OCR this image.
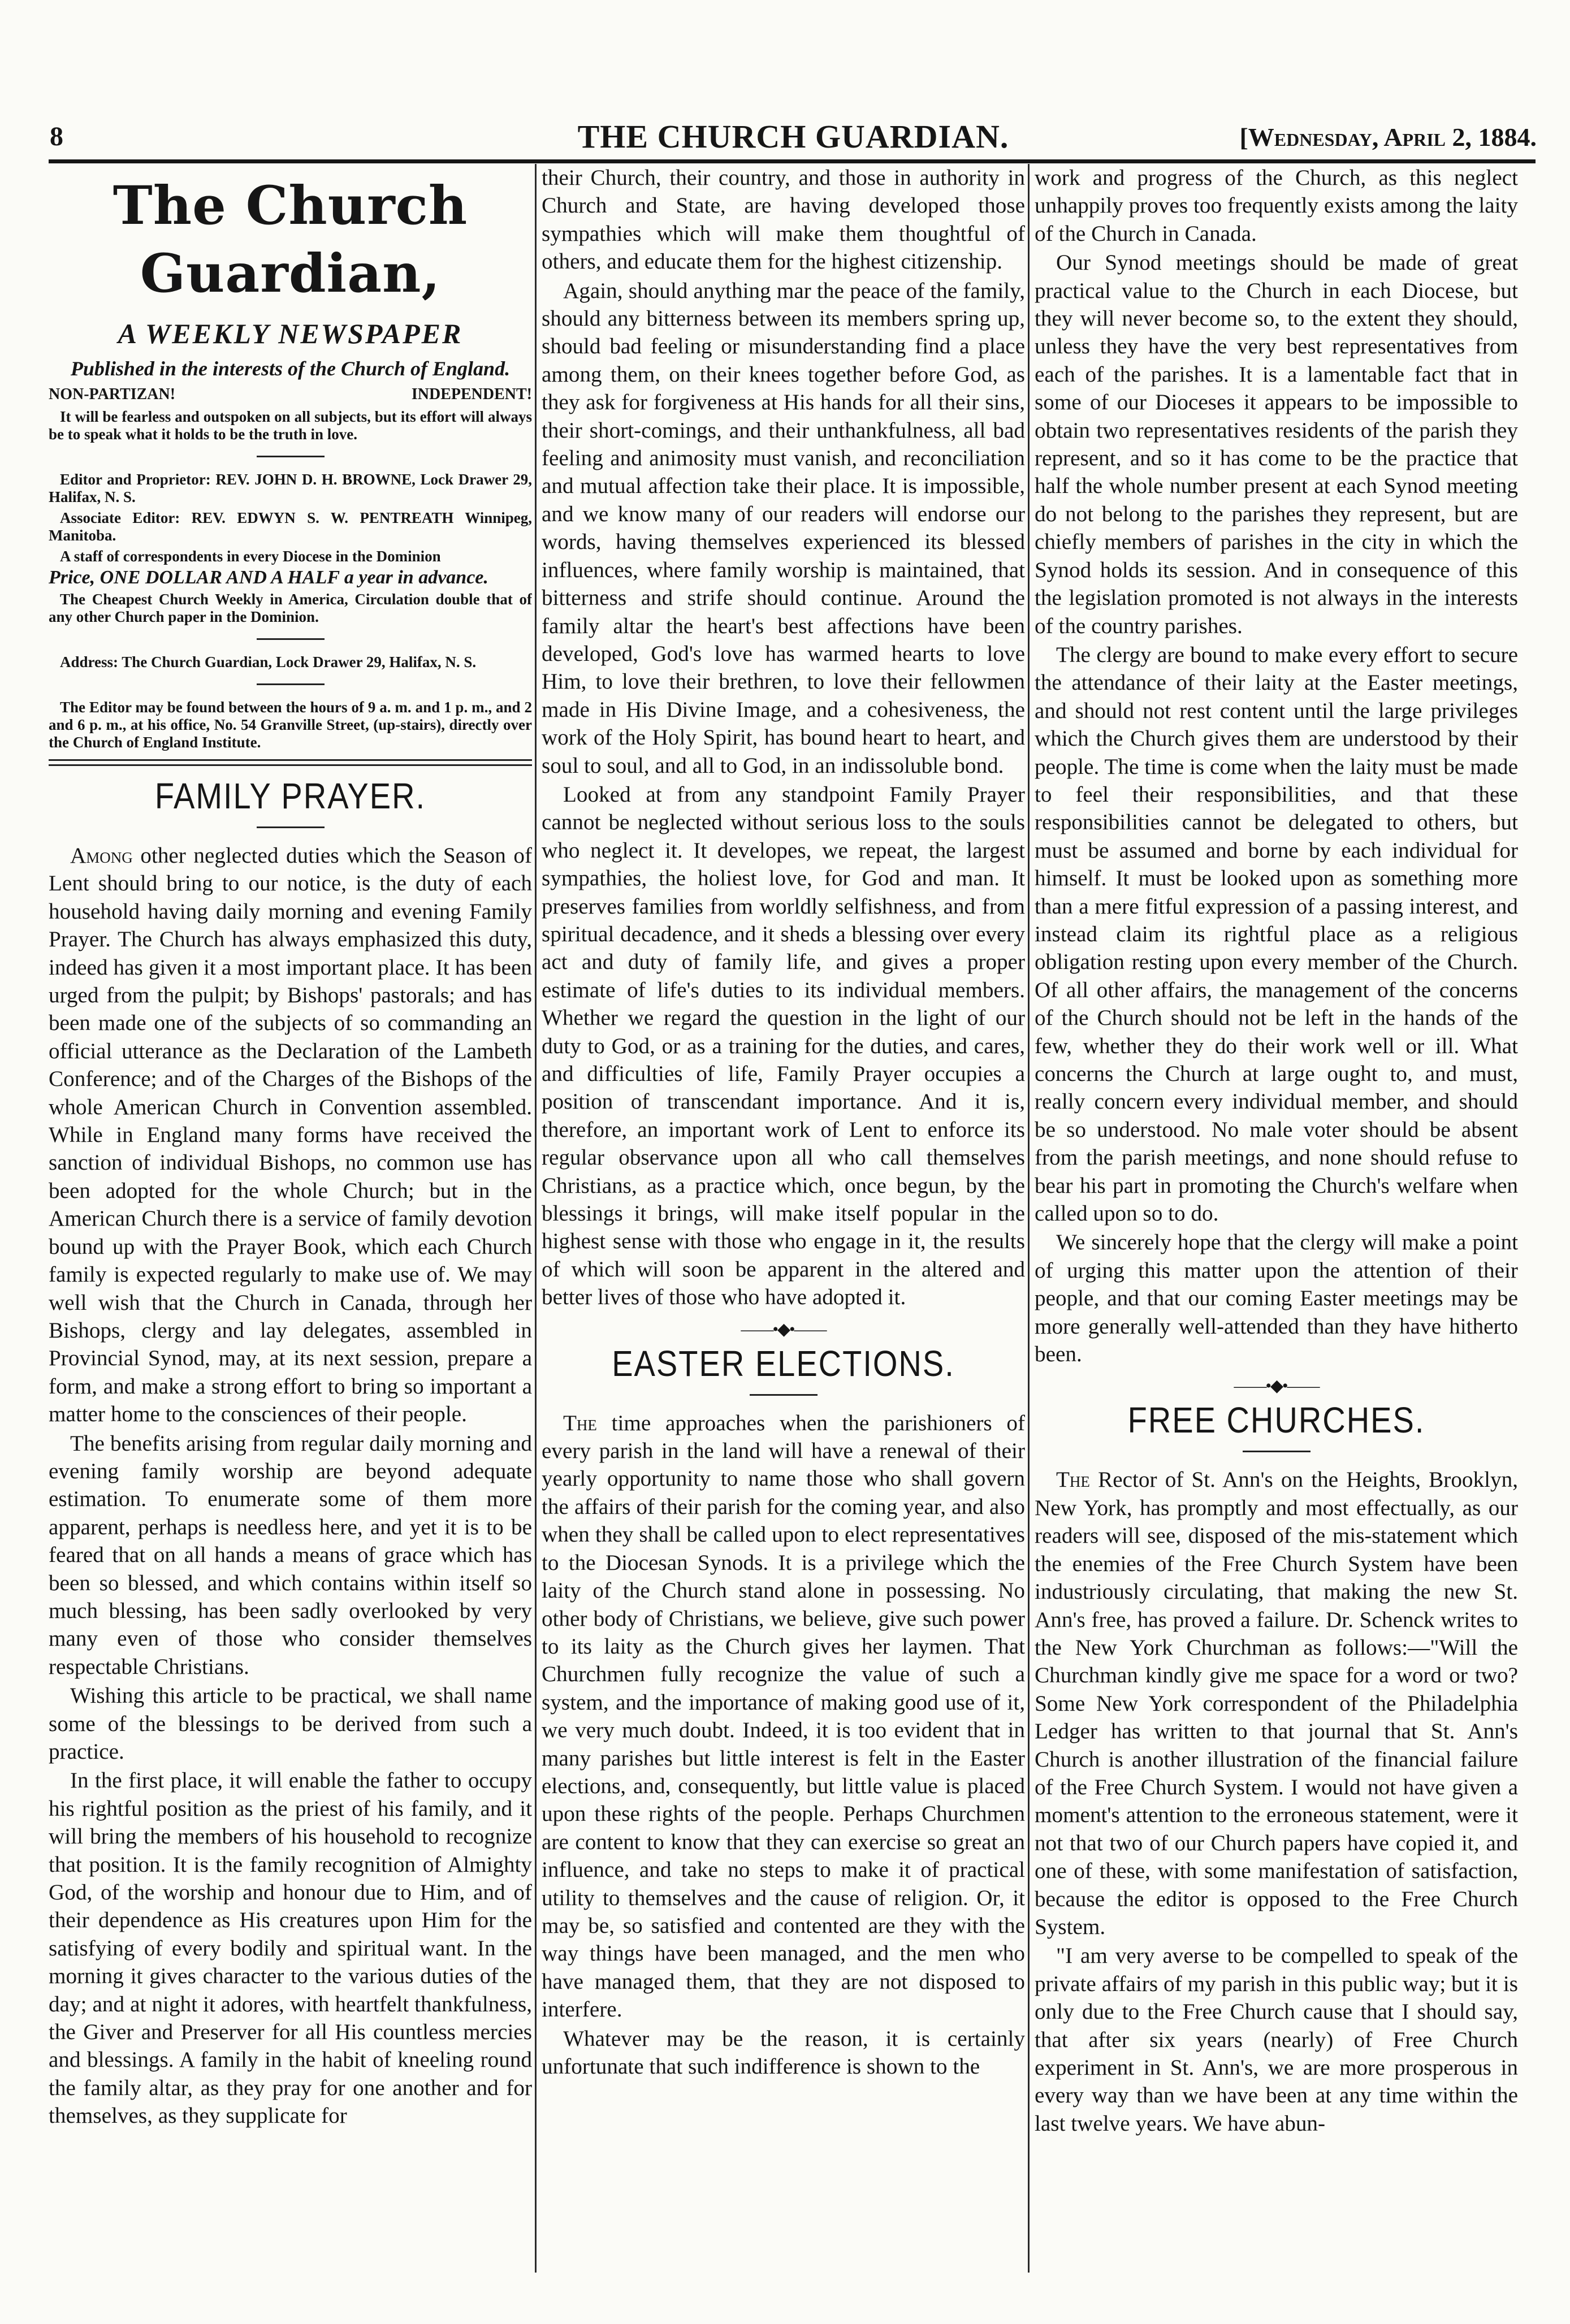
8	THE CHURCH GUARDIAN.	[Wednesday, April 2, 1884.
The Church Guardian,
A WEEKLY NEWSPAPER
Published in the interests of the Church of England.
NON-PARTIZAN!	INDEPENDENT!
It will be fearless and outspoken on all subjects, but its effort will always be to speak what it holds to be the truth in love.
Editor and Proprietor: REV. JOHN D. H. BROWNE, Lock Drawer 29, Halifax, N. S.
Associate Editor: REV. EDWYN S. W. PENTREATH Winnipeg, Manitoba.
A staff of correspondents in every Diocese in the Dominion
Price, ONE DOLLAR AND A HALF a year in advance.
The Cheapest Church Weekly in America, Circulation double that of any other Church paper in the Dominion.
Address: The Church Guardian, Lock Drawer 29, Halifax, N. S.
The Editor may be found between the hours of 9 a. m. and 1 p. m., and 2 and 6 p. m., at his office, No. 54 Granville Street, (up-stairs), directly over the Church of England Institute.
FAMILY PRAYER.

Among other neglected duties which the Season of Lent should bring to our notice, is the duty of each household having daily morning and evening Family Prayer. The Church has always emphasized this duty, indeed has given it a most important place. It has been urged from the pulpit; by Bishops' pastorals; and has been made one of the subjects of so commanding an official utterance as the Declaration of the Lambeth Conference; and of the Charges of the Bishops of the whole American Church in Convention assembled. While in England many forms have received the sanction of individual Bishops, no common use has been adopted for the whole Church; but in the American Church there is a service of family devotion bound up with the Prayer Book, which each Church family is expected regularly to make use of. We may well wish that the Church in Canada, through her Bishops, clergy and lay delegates, assembled in Provincial Synod, may, at its next session, prepare a form, and make a strong effort to bring so important a matter home to the consciences of their people.

The benefits arising from regular daily morning and evening family worship are beyond adequate estimation. To enumerate some of them more apparent, perhaps is needless here, and yet it is to be feared that on all hands a means of grace which has been so blessed, and which contains within itself so much blessing, has been sadly overlooked by very many even of those who consider themselves respectable Christians.

Wishing this article to be practical, we shall name some of the blessings to be derived from such a practice.

In the first place, it will enable the father to occupy his rightful position as the priest of his family, and it will bring the members of his household to recognize that position. It is the family recognition of Almighty God, of the worship and honour due to Him, and of their dependence as His creatures upon Him for the satisfying of every bodily and spiritual want. In the morning it gives character to the various duties of the day; and at night it adores, with heartfelt thankfulness, the Giver and Preserver for all His countless mercies and blessings. A family in the habit of kneeling round the family altar, as they pray for one another and for themselves, as they supplicate for

their Church, their country, and those in authority in Church and State, are having developed those sympathies which will make them thoughtful of others, and educate them for the highest citizenship.

Again, should anything mar the peace of the family, should any bitterness between its members spring up, should bad feeling or misunderstanding find a place among them, on their knees together before God, as they ask for forgiveness at His hands for all their sins, their short-comings, and their unthankfulness, all bad feeling and animosity must vanish, and reconciliation and mutual affection take their place. It is impossible, and we know many of our readers will endorse our words, having themselves experienced its blessed influences, where family worship is maintained, that bitterness and strife should continue. Around the family altar the heart's best affections have been developed, God's love has warmed hearts to love Him, to love their brethren, to love their fellowmen made in His Divine Image, and a cohesiveness, the work of the Holy Spirit, has bound heart to heart, and soul to soul, and all to God, in an indissoluble bond.

Looked at from any standpoint Family Prayer cannot be neglected without serious loss to the souls who neglect it. It developes, we repeat, the largest sympathies, the holiest love, for God and man. It preserves families from worldly selfishness, and from spiritual decadence, and it sheds a blessing over every act and duty of family life, and gives a proper estimate of life's duties to its individual members. Whether we regard the question in the light of our duty to God, or as a training for the duties, and cares, and difficulties of life, Family Prayer occupies a position of transcendant importance. And it is, therefore, an important work of Lent to enforce its regular observance upon all who call themselves Christians, as a practice which, once begun, by the blessings it brings, will make itself popular in the highest sense with those who engage in it, the results of which will soon be apparent in the altered and better lives of those who have adopted it.

——•◆•——
EASTER ELECTIONS.

The time approaches when the parishioners of every parish in the land will have a renewal of their yearly opportunity to name those who shall govern the affairs of their parish for the coming year, and also when they shall be called upon to elect representatives to the Diocesan Synods. It is a privilege which the laity of the Church stand alone in possessing. No other body of Christians, we believe, give such power to its laity as the Church gives her laymen. That Churchmen fully recognize the value of such a system, and the importance of making good use of it, we very much doubt. Indeed, it is too evident that in many parishes but little interest is felt in the Easter elections, and, consequently, but little value is placed upon these rights of the people. Perhaps Churchmen are content to know that they can exercise so great an influence, and take no steps to make it of practical utility to themselves and the cause of religion. Or, it may be, so satisfied and contented are they with the way things have been managed, and the men who have managed them, that they are not disposed to interfere.

Whatever may be the reason, it is certainly unfortunate that such indifference is shown to the

work and progress of the Church, as this neglect unhappily proves too frequently exists among the laity of the Church in Canada.

Our Synod meetings should be made of great practical value to the Church in each Diocese, but they will never become so, to the extent they should, unless they have the very best representatives from each of the parishes. It is a lamentable fact that in some of our Dioceses it appears to be impossible to obtain two representatives residents of the parish they represent, and so it has come to be the practice that half the whole number present at each Synod meeting do not belong to the parishes they represent, but are chiefly members of parishes in the city in which the Synod holds its session. And in consequence of this the legislation promoted is not always in the interests of the country parishes.

The clergy are bound to make every effort to secure the attendance of their laity at the Easter meetings, and should not rest content until the large privileges which the Church gives them are understood by their people. The time is come when the laity must be made to feel their responsibilities, and that these responsibilities cannot be delegated to others, but must be assumed and borne by each individual for himself. It must be looked upon as something more than a mere fitful expression of a passing interest, and instead claim its rightful place as a religious obligation resting upon every member of the Church. Of all other affairs, the management of the concerns of the Church should not be left in the hands of the few, whether they do their work well or ill. What concerns the Church at large ought to, and must, really concern every individual member, and should be so understood. No male voter should be absent from the parish meetings, and none should refuse to bear his part in promoting the Church's welfare when called upon so to do.

We sincerely hope that the clergy will make a point of urging this matter upon the attention of their people, and that our coming Easter meetings may be more generally well-attended than they have hitherto been.

——•◆•——
FREE CHURCHES.

The Rector of St. Ann's on the Heights, Brooklyn, New York, has promptly and most effectually, as our readers will see, disposed of the mis-statement which the enemies of the Free Church System have been industriously circulating, that making the new St. Ann's free, has proved a failure. Dr. Schenck writes to the New York Churchman as follows:—"Will the Churchman kindly give me space for a word or two? Some New York correspondent of the Philadelphia Ledger has written to that journal that St. Ann's Church is another illustration of the financial failure of the Free Church System. I would not have given a moment's attention to the erroneous statement, were it not that two of our Church papers have copied it, and one of these, with some manifestation of satisfaction, because the editor is opposed to the Free Church System.

"I am very averse to be compelled to speak of the private affairs of my parish in this public way; but it is only due to the Free Church cause that I should say, that after six years (nearly) of Free Church experiment in St. Ann's, we are more prosperous in every way than we have been at any time within the last twelve years. We have abun-
